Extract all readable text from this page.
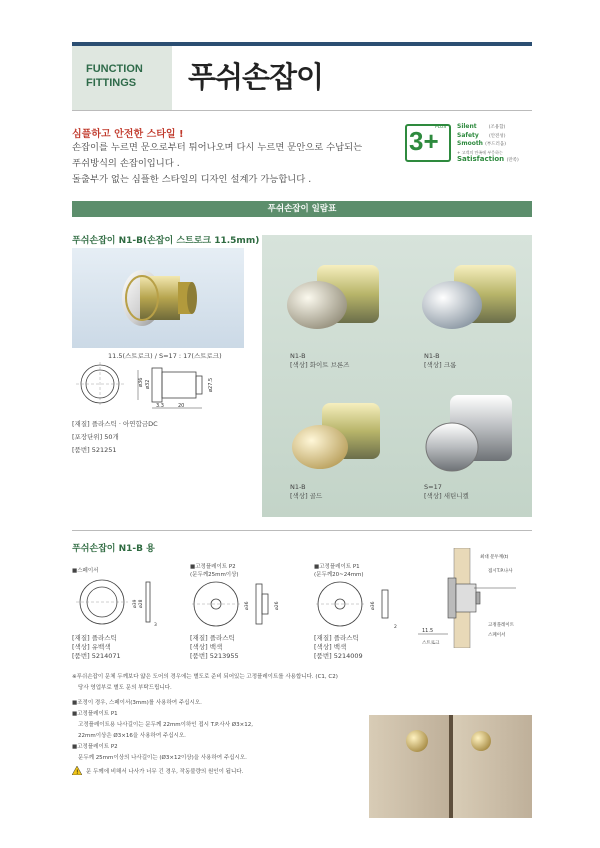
FUNCTION
FITTINGS	푸쉬손잡이
심플하고 안전한 스타일 !
손잡이를 누르면 문으로부터 튀어나오며 다시 누르면 문안으로 수납되는
푸쉬방식의 손잡이입니다 .
돌출부가 없는 심플한 스타일의 디자인 설계가 가능합니다 .
3+
PLUS Silent	(조용함)
Safety (안전성)
Smooth (부드러움)
+ 고객의 만족에 부응하는
Satisfaction (만족)
푸쉬손잡이 일람표
푸쉬손잡이 N1-B(손잡이 스트로크 11.5mm)
11.5(스트로크) / S=17 : 17(스트로크)
ø36 ø32	ø27.5
3.3	20
[재질] 플라스틱 · 아연합금DC
[포장단위] 50개
[품번] 521251
N1-B
[색상] 화이트 브론즈
N1-B
[색상] 크롬
N1-B
[색상] 골드
S=17
[색상] 새틴니켈
푸쉬손잡이 N1-B 용
■스페이서
■고정플레이트 P2
(문두께25mm이상)
■고정플레이트 P1
(문두께20~24mm)
ø39 ø28
3
ø36	ø26	ø36
2
[재질] 플라스틱
[색상] 유백색
[품번] 5214071
[재질] 플라스틱
[색상] 백색
[품번] 5213955
[재질] 플라스틱
[색상] 백색
[품번] 5214009
최대 문두께(t)
접시T.P.나사
고정플레이트
스페이서
11.5
스트로크
※푸쉬손잡이 문체 두께보다 얇은 도어의 경우에는 별도로 준비 되어있는 고정플레이트를 사용합니다. (C1, C2)
당사 영업부로 별도 문의 부탁드립니다.
■조정이 경우, 스페이서(3mm)를 사용하여 주십시오.
■고정플레이트 P1
고정플레이트용 나사길이는 문두께 22mm이하인 접시 T.P.사사 Ø3×12,
22mm이상은 Ø3×16을 사용하여 주십시오.
■고정플레이트 P2
문두께 25mm이상의 나사길이는 (Ø3×12이상)을 사용하여 주십시오.
! 문 두께에 비해서 나사가 너무 긴 경우, 작동불량의 원인이 됩니다.
